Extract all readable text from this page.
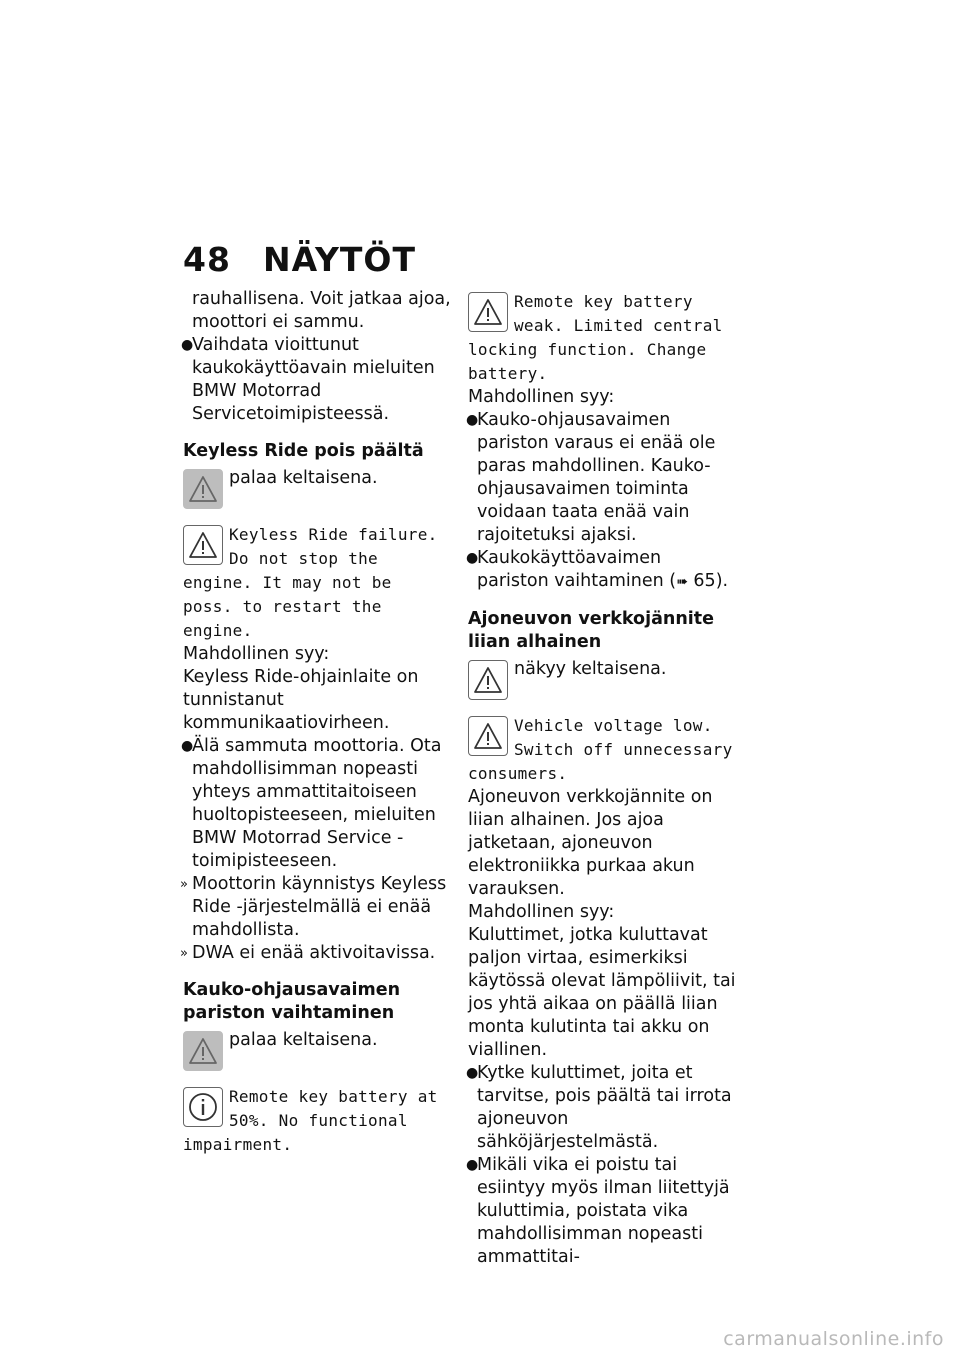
48 NÄYTÖT

rauhallisena. Voit jatkaa ajoa, moottori ei sammu.

●
Vaihdata vioittunut kaukokäyttöavain mieluiten BMW Motorrad Servicetoimipisteessä.

Keyless Ride pois päältä

palaa keltaisena.
Keyless Ride failure. Do not stop the engine. It may not be poss. to restart the engine.

Mahdollinen syy:

Keyless Ride-ohjainlaite on tunnistanut kommunikaatiovirheen.

●
Älä sammuta moottoria. Ota mahdollisimman nopeasti yhteys ammattitaitoiseen huoltopisteeseen, mieluiten BMW Motorrad Service -toimipisteeseen.

» Moottorin käynnistys Keyless Ride -järjestelmällä ei enää mahdollista.

» DWA ei enää aktivoitavissa.

Kauko-ohjausavaimen pariston vaihtaminen

palaa keltaisena.
Remote key battery at 50%. No functional impairment.
Remote key battery weak. Limited central locking function. Change battery.

Mahdollinen syy:

●
Kauko-ohjausavaimen pariston varaus ei enää ole paras mahdollinen. Kauko-ohjausavaimen toiminta voidaan taata enää vain rajoitetuksi ajaksi.

●
Kaukokäyttöavaimen pariston vaihtaminen (➠ 65).

Ajoneuvon verkkojännite liian alhainen

näkyy keltaisena.
Vehicle voltage low. Switch off unnecessary consumers.

Ajoneuvon verkkojännite on liian alhainen. Jos ajoa jatketaan, ajoneuvon elektroniikka purkaa akun varauksen.

Mahdollinen syy:

Kuluttimet, jotka kuluttavat paljon virtaa, esimerkiksi käytössä olevat lämpöliivit, tai jos yhtä aikaa on päällä liian monta kulutinta tai akku on viallinen.

●
Kytke kuluttimet, joita et tarvitse, pois päältä tai irrota ajoneuvon sähköjärjestelmästä.

●
Mikäli vika ei poistu tai esiintyy myös ilman liitettyjä kuluttimia, poistata vika mahdollisimman nopeasti ammattitai-

carmanualsonline.info
